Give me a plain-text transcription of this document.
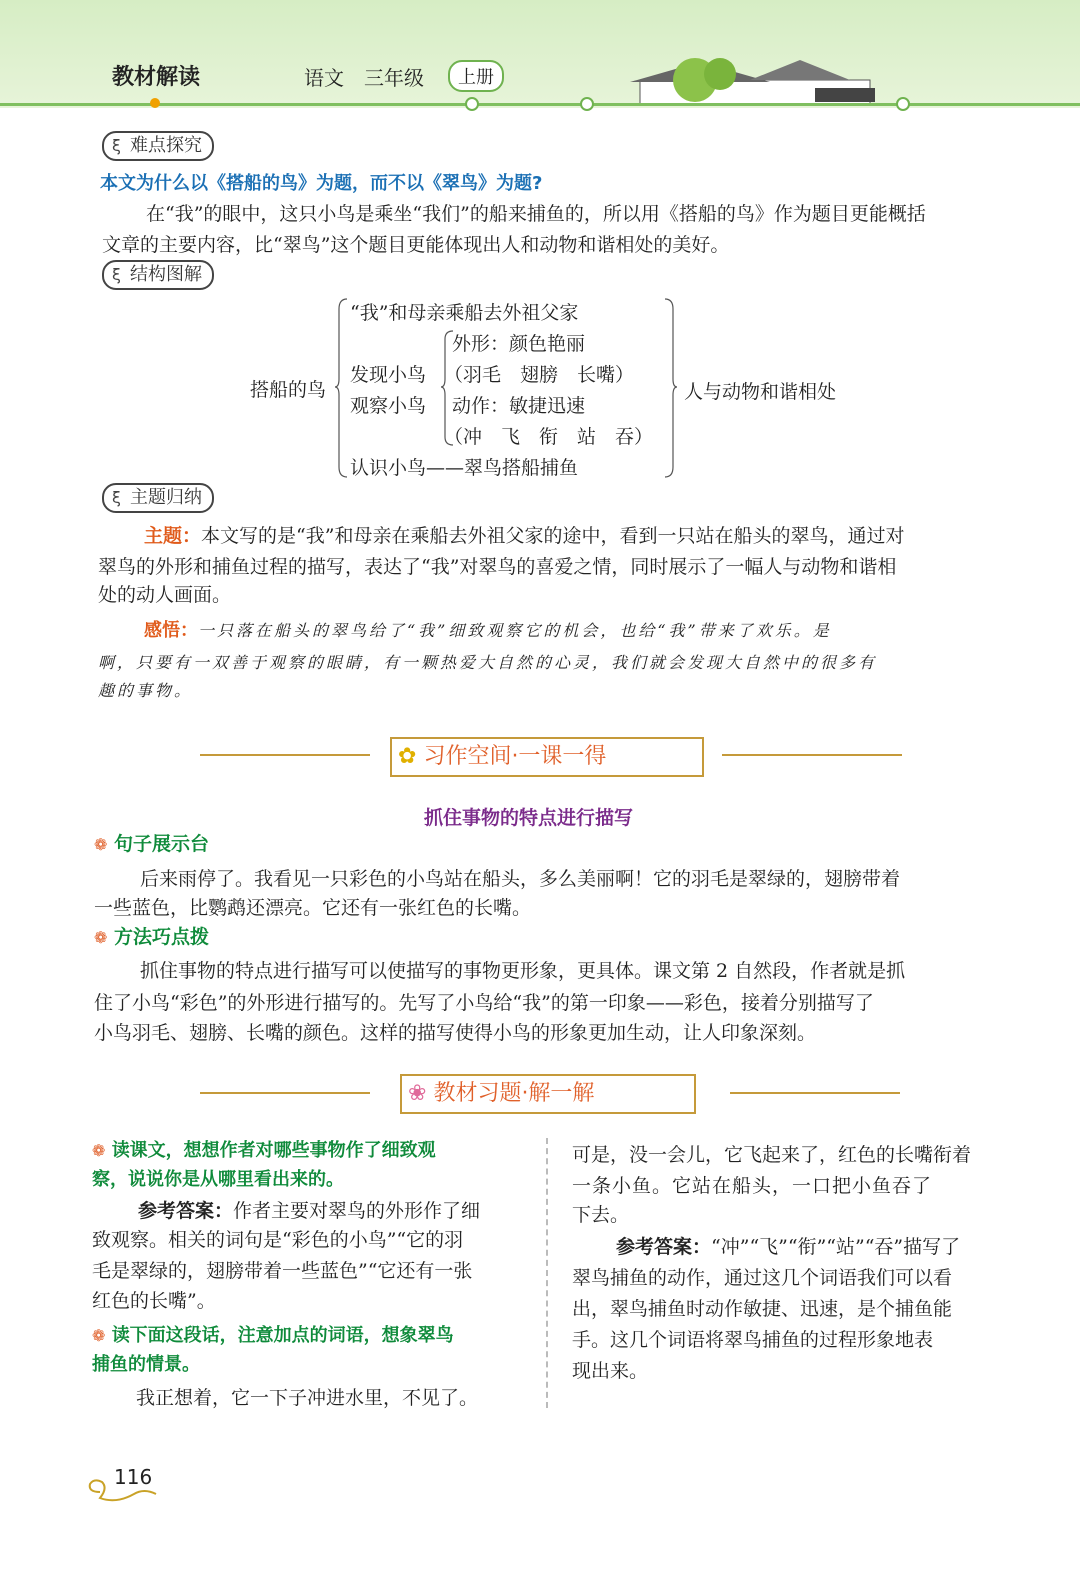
教材解读	语文 三年级	上册
ξ 难点探究
本文为什么以《搭船的鸟》为题，而不以《翠鸟》为题?
在“我”的眼中，这只小鸟是乘坐“我们”的船来捕鱼的，所以用《搭船的鸟》作为题目更能概括
文章的主要内容，比“翠鸟”这个题目更能体现出人和动物和谐相处的美好。
ξ 结构图解
搭船的鸟
“我”和母亲乘船去外祖父家
发现小鸟
观察小鸟
外形：颜色艳丽
（羽毛　翅膀　长嘴）
动作：敏捷迅速
（冲　飞　衔　站　吞）
认识小鸟——翠鸟搭船捕鱼
人与动物和谐相处
ξ 主题归纳
主题：本文写的是“我”和母亲在乘船去外祖父家的途中，看到一只站在船头的翠鸟，通过对
翠鸟的外形和捕鱼过程的描写，表达了“我”对翠鸟的喜爱之情，同时展示了一幅人与动物和谐相
处的动人画面。
感悟：一只落在船头的翠鸟给了“我”细致观察它的机会，也给“我”带来了欢乐。是
啊，只要有一双善于观察的眼睛，有一颗热爱大自然的心灵，我们就会发现大自然中的很多有
趣的事物。
✿ 习作空间·一课一得
抓住事物的特点进行描写
❁ 句子展示台
后来雨停了。我看见一只彩色的小鸟站在船头，多么美丽啊！它的羽毛是翠绿的，翅膀带着
一些蓝色，比鹦鹉还漂亮。它还有一张红色的长嘴。
❁ 方法巧点拨
抓住事物的特点进行描写可以使描写的事物更形象，更具体。课文第 2 自然段，作者就是抓
住了小鸟“彩色”的外形进行描写的。先写了小鸟给“我”的第一印象——彩色，接着分别描写了
小鸟羽毛、翅膀、长嘴的颜色。这样的描写使得小鸟的形象更加生动，让人印象深刻。
❀ 教材习题·解一解
❁ 读课文，想想作者对哪些事物作了细致观
察，说说你是从哪里看出来的。
参考答案：作者主要对翠鸟的外形作了细
致观察。相关的词句是“彩色的小鸟”“它的羽
毛是翠绿的，翅膀带着一些蓝色”“它还有一张
红色的长嘴”。
❁ 读下面这段话，注意加点的词语，想象翠鸟
捕鱼的情景。
我正想着，它一下子冲进水里，不见了。
可是，没一会儿，它飞起来了，红色的长嘴衔着
一条小鱼。它站在船头，一口把小鱼吞了
下去。
参考答案：“冲”“飞”“衔”“站”“吞”描写了
翠鸟捕鱼的动作，通过这几个词语我们可以看
出，翠鸟捕鱼时动作敏捷、迅速，是个捕鱼能
手。这几个词语将翠鸟捕鱼的过程形象地表
现出来。
116
